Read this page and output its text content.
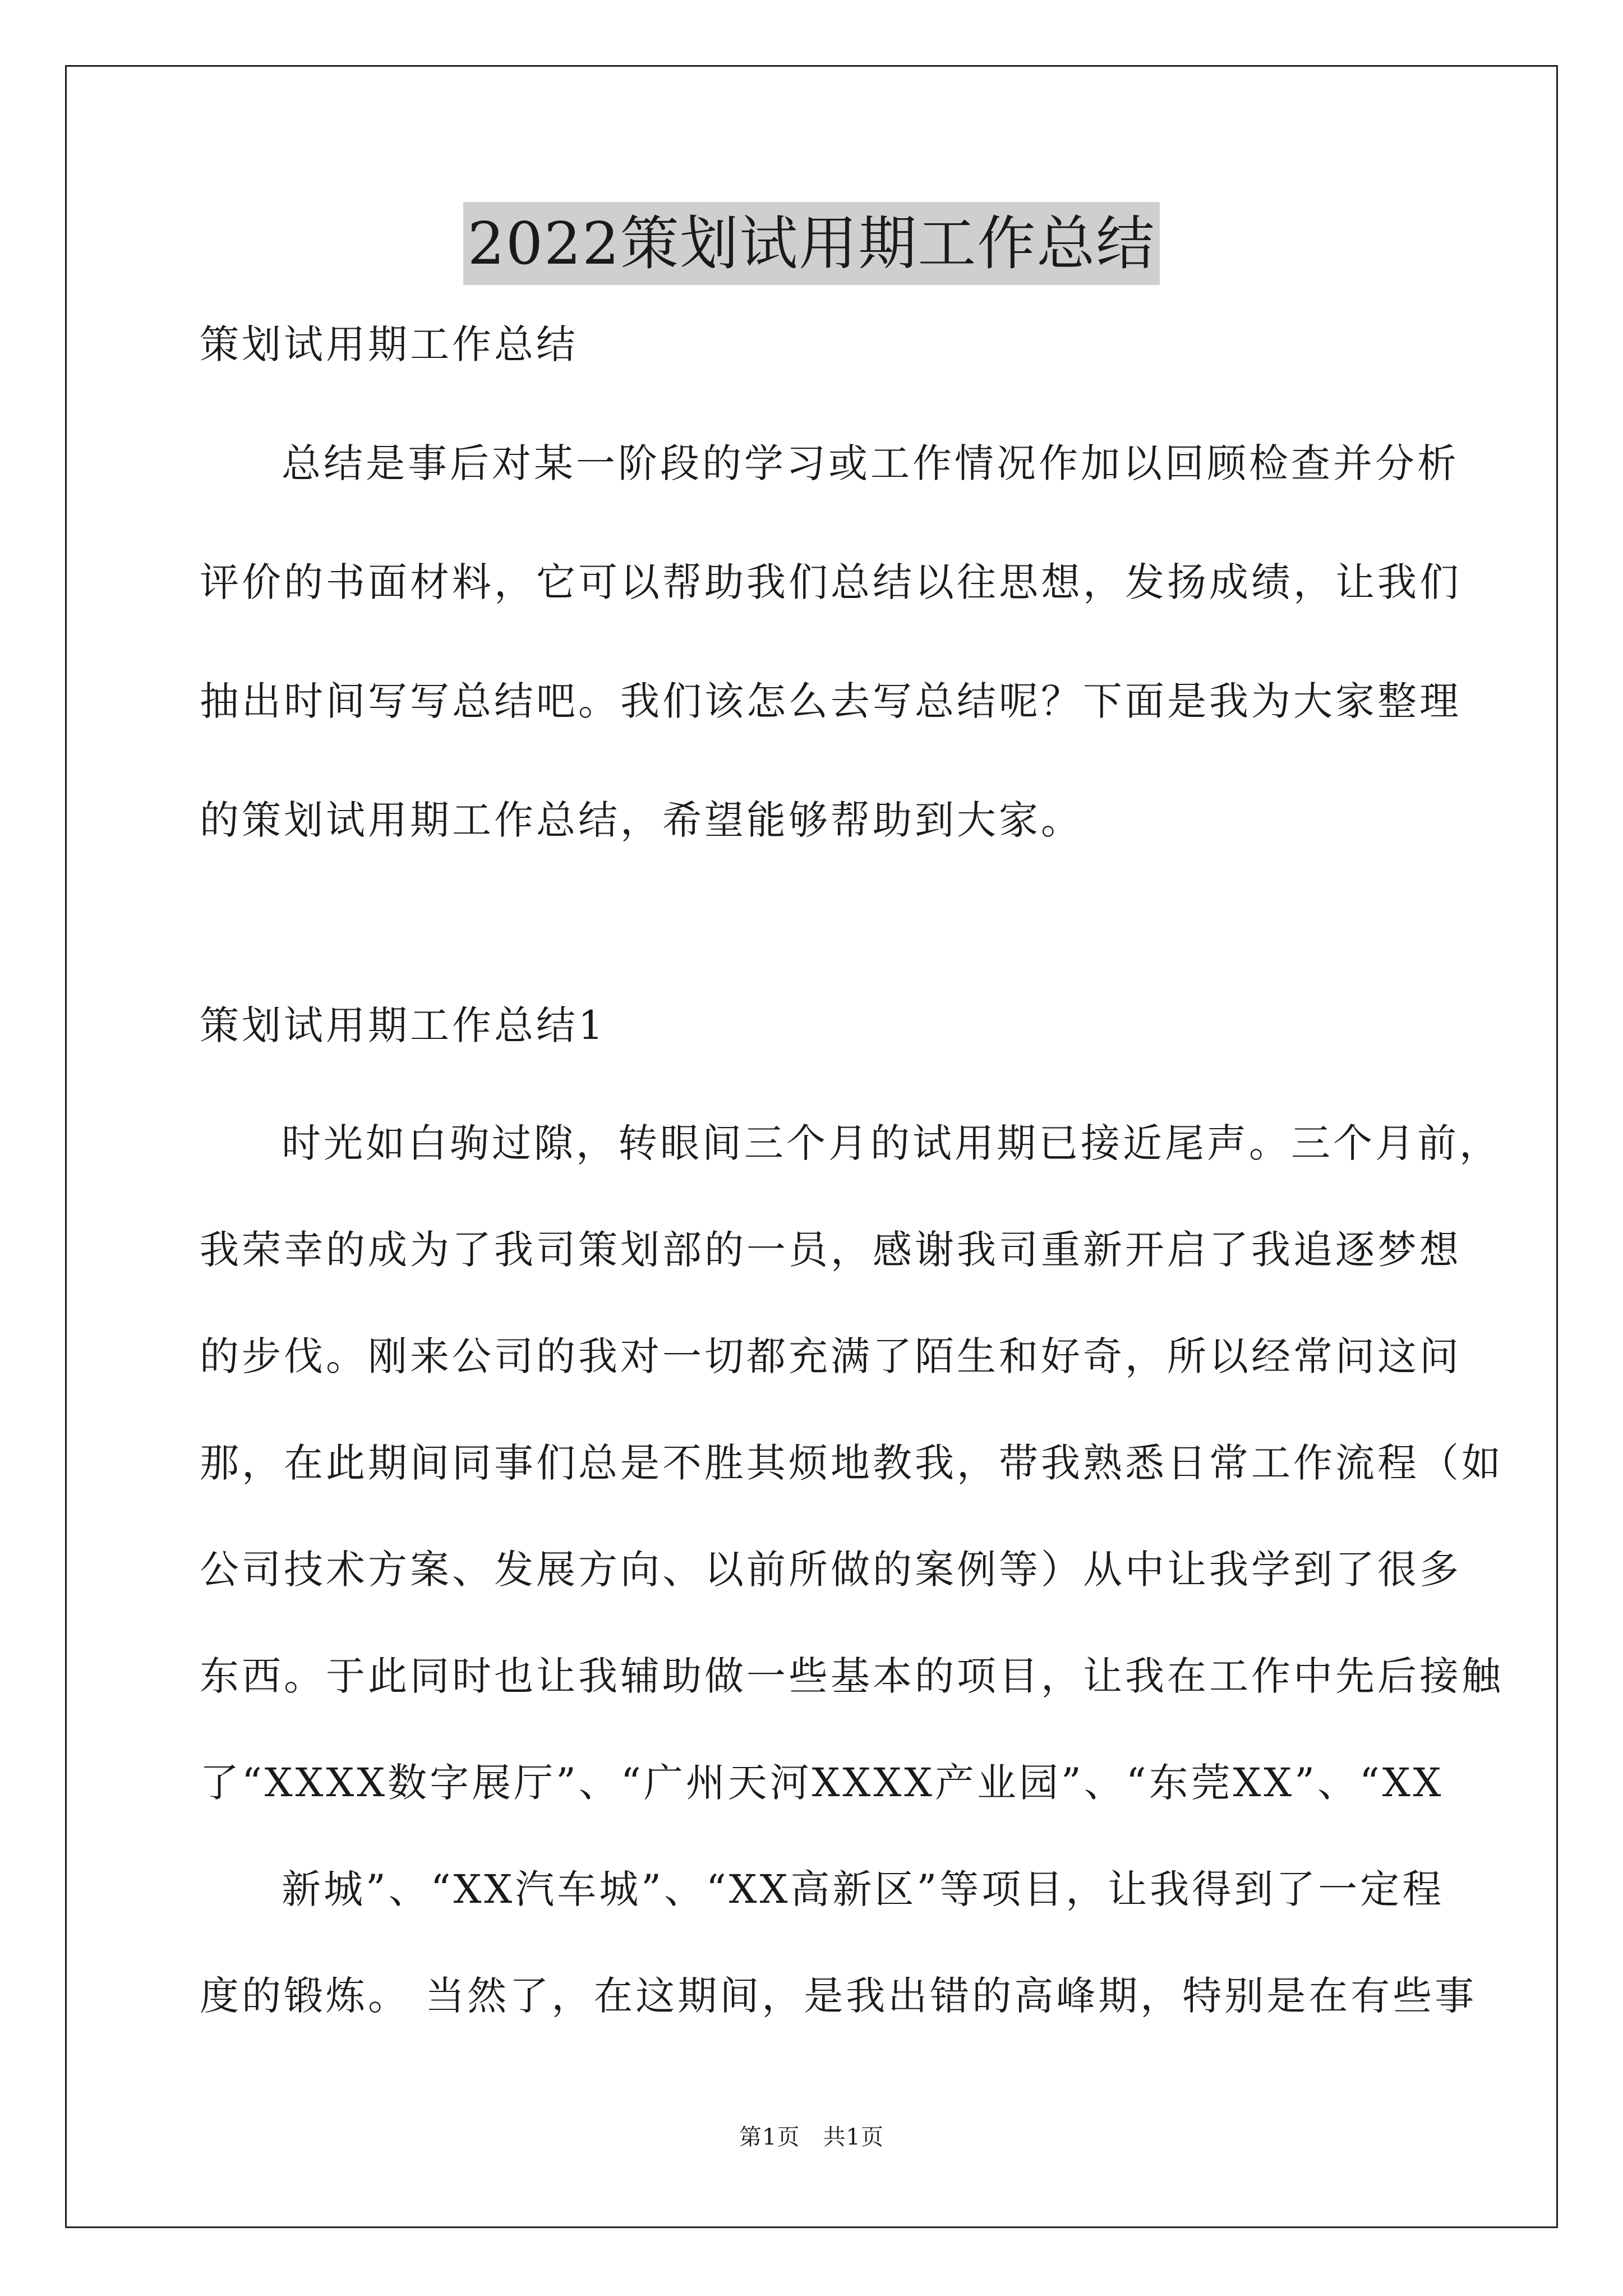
2022策划试用期工作总结
策划试用期工作总结
总结是事后对某一阶段的学习或工作情况作加以回顾检查并分析
评价的书面材料，它可以帮助我们总结以往思想，发扬成绩，让我们
抽出时间写写总结吧。我们该怎么去写总结呢？下面是我为大家整理
的策划试用期工作总结，希望能够帮助到大家。
策划试用期工作总结1
时光如白驹过隙，转眼间三个月的试用期已接近尾声。三个月前，
我荣幸的成为了我司策划部的一员，感谢我司重新开启了我追逐梦想
的步伐。刚来公司的我对一切都充满了陌生和好奇，所以经常问这问
那，在此期间同事们总是不胜其烦地教我，带我熟悉日常工作流程（如
公司技术方案、发展方向、以前所做的案例等）从中让我学到了很多
东西。于此同时也让我辅助做一些基本的项目，让我在工作中先后接触
了“XXXX数字展厅”、“广州天河XXXX产业园”、“东莞XX”、“XX
新城”、“XX汽车城”、“XX高新区”等项目，让我得到了一定程
度的锻炼。 当然了，在这期间，是我出错的高峰期，特别是在有些事
第1页　共1页
